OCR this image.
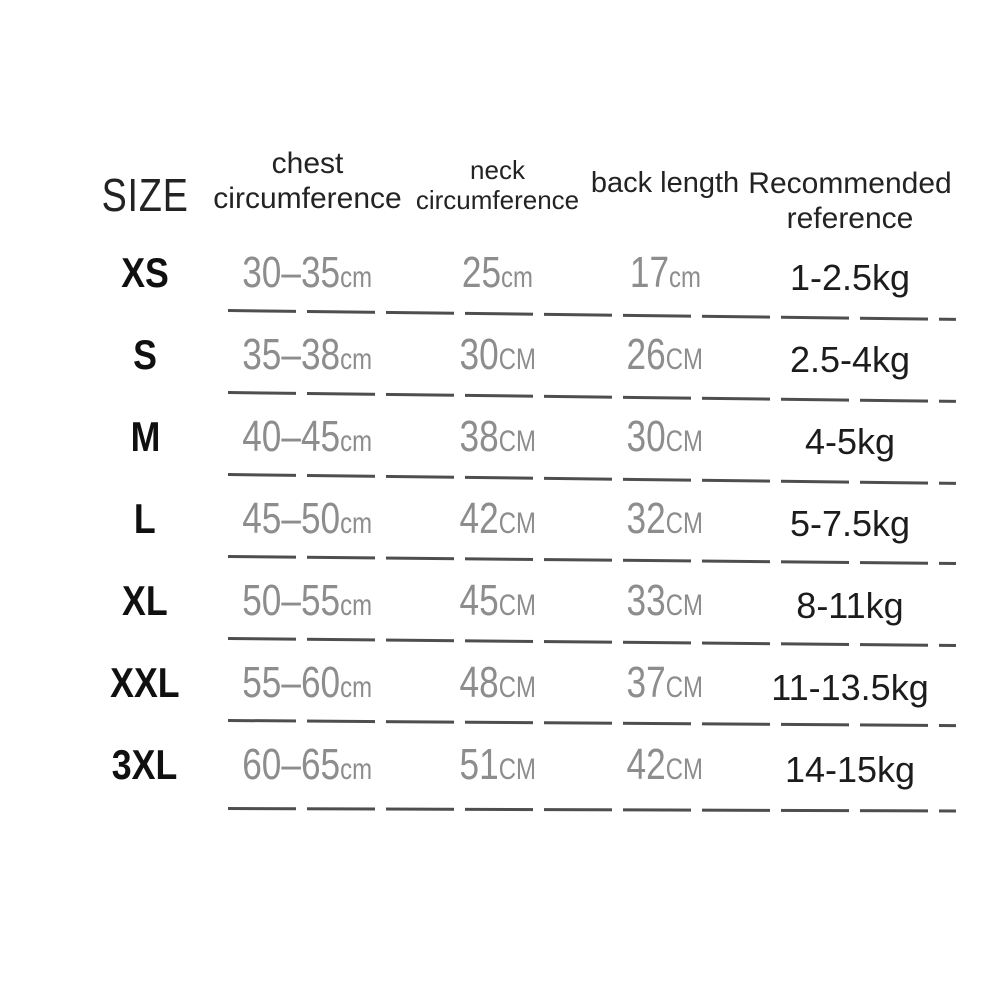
SIZE
chest circumference
neck circumference
back length Recommended reference
XS 30–35cm 25cm 17cm 1-2.5kg
S 35–38cm 30CM 26CM 2.5-4kg
M 40–45cm 38CM 30CM	4-5kg
L 45–50cm 42CM 32CM 5-7.5kg
XL 50–55cm 45CM 33CM	8-11kg
XXL 55–60cm 48CM 37CM 11-13.5kg
3XL 60–65cm 51CM 42CM 14-15kg
